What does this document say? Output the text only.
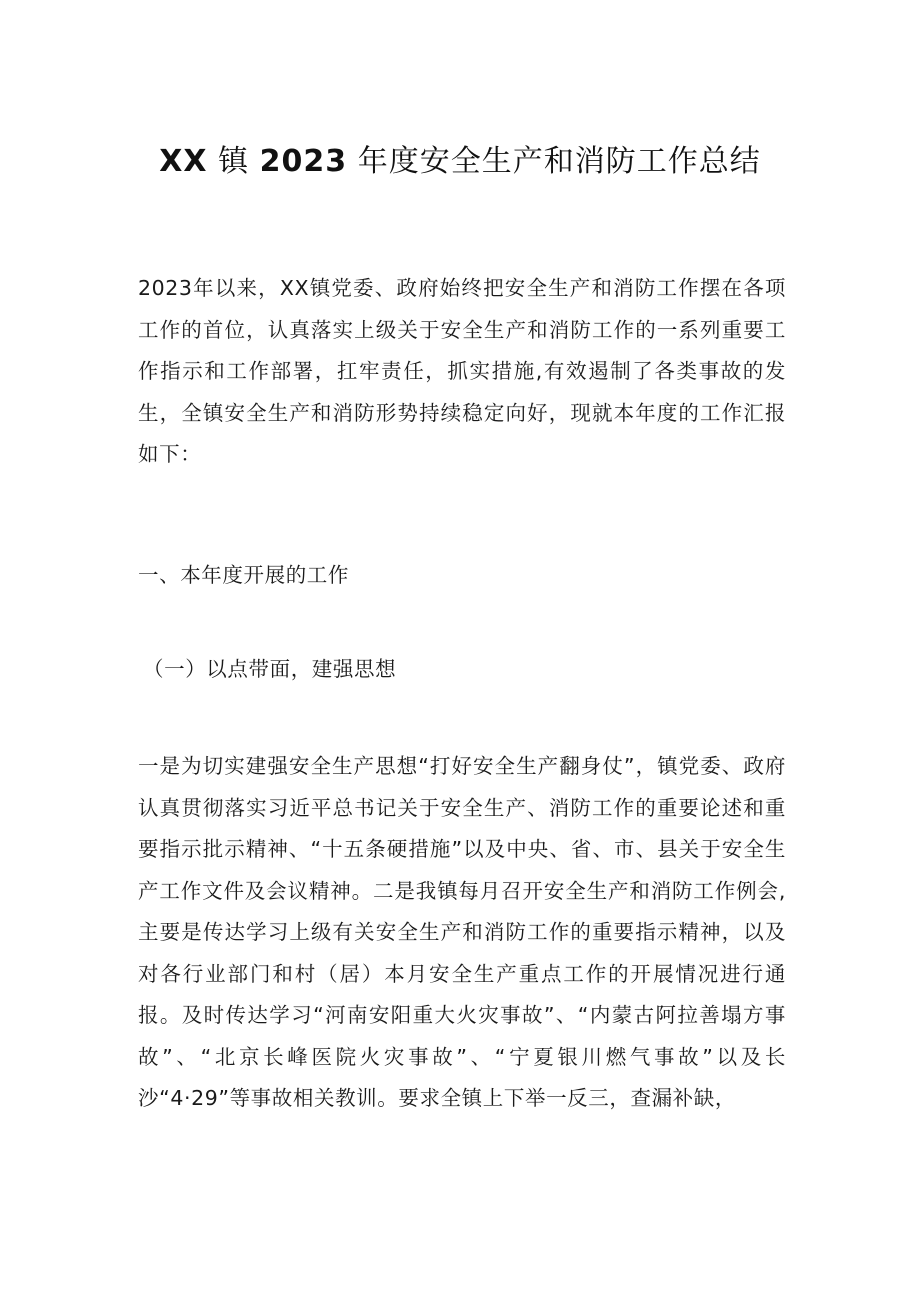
XX 镇 2023 年度安全生产和消防工作总结

2023年以来，XX镇党委、政府始终把安全生产和消防工作摆在各项工作的首位，认真落实上级关于安全生产和消防工作的一系列重要工作指示和工作部署，扛牢责任，抓实措施,有效遏制了各类事故的发生，全镇安全生产和消防形势持续稳定向好，现就本年度的工作汇报如下：

一、本年度开展的工作
（一）以点带面，建强思想

一是为切实建强安全生产思想“打好安全生产翻身仗”，镇党委、政府认真贯彻落实习近平总书记关于安全生产、消防工作的重要论述和重要指示批示精神、“十五条硬措施”以及中央、省、市、县关于安全生产工作文件及会议精神。二是我镇每月召开安全生产和消防工作例会,主要是传达学习上级有关安全生产和消防工作的重要指示精神，以及对各行业部门和村（居）本月安全生产重点工作的开展情况进行通报。及时传达学习“河南安阳重大火灾事故”、“内蒙古阿拉善塌方事故”、“北京长峰医院火灾事故”、“宁夏银川燃气事故”以及长沙“4·29”等事故相关教训。要求全镇上下举一反三，查漏补缺，
